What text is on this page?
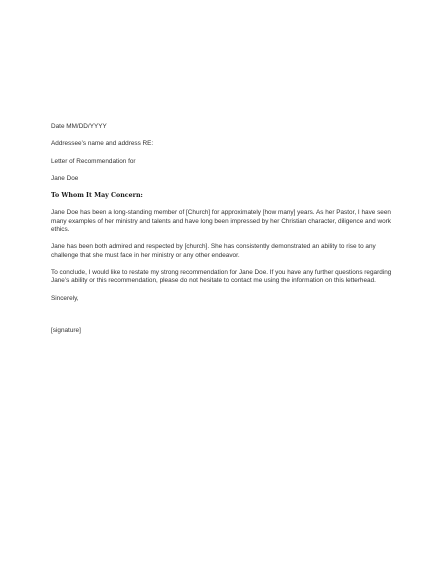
Date MM/DD/YYYY

Addressee’s name and address RE:

Letter of Recommendation for

Jane Doe

To Whom It May Concern:

Jane Doe has been a long-standing member of [Church] for approximately [how many] years. As her Pastor, I have seen many examples of her ministry and talents and have long been impressed by her Christian character, diligence and work ethics.

Jane has been both admired and respected by [church]. She has consistently demonstrated an ability to rise to any challenge that she must face in her ministry or any other endeavor.

To conclude, I would like to restate my strong recommendation for Jane Doe. If you have any further questions regarding Jane’s ability or this recommendation, please do not hesitate to contact me using the information on this letterhead.

Sincerely,

[signature]
